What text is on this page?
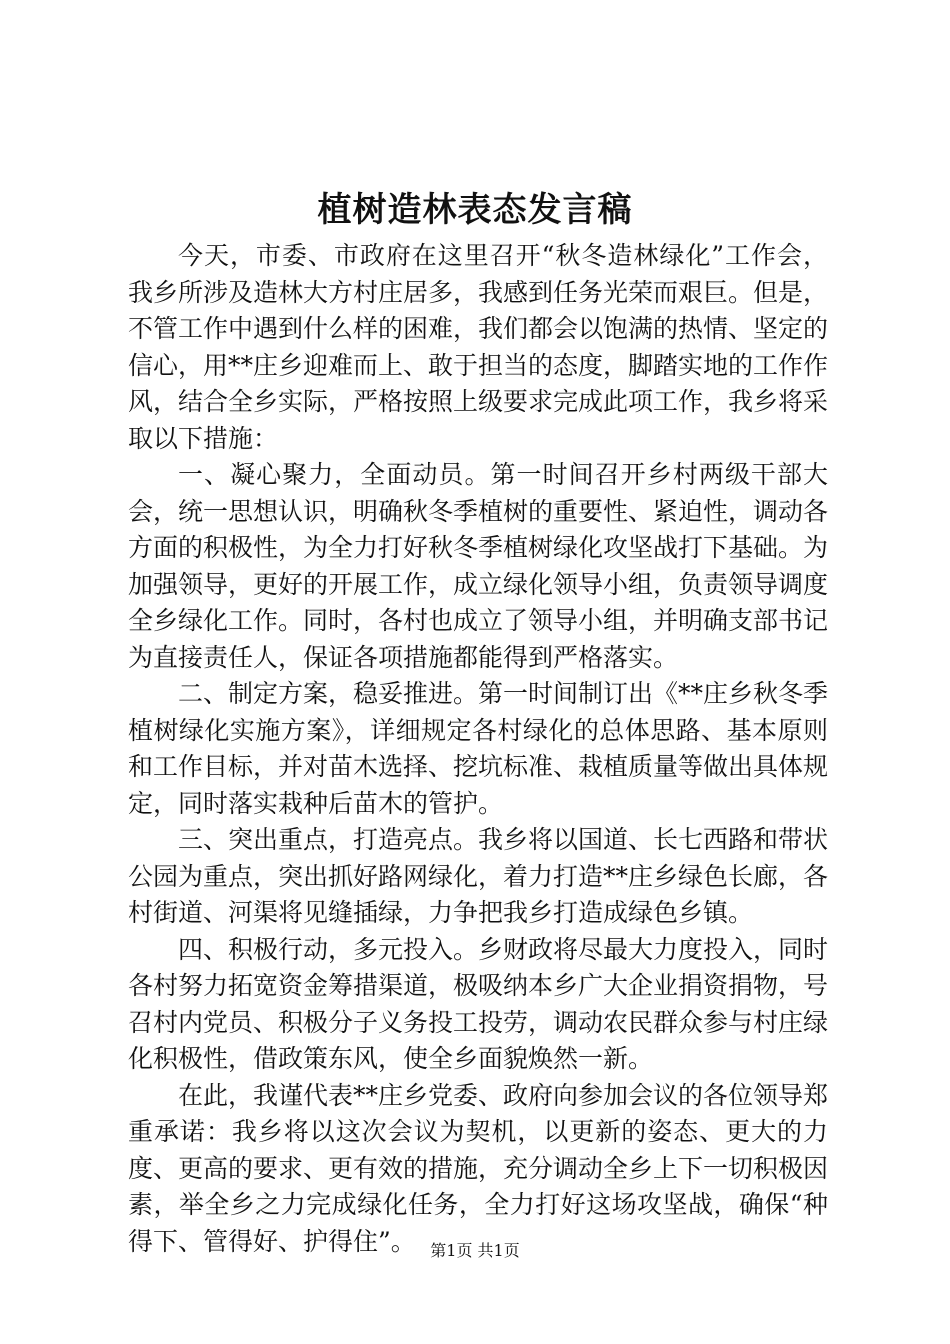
植树造林表态发言稿

今天，市委、市政府在这里召开“秋冬造林绿化”工作会，我乡所涉及造林大方村庄居多，我感到任务光荣而艰巨。但是，不管工作中遇到什么样的困难，我们都会以饱满的热情、坚定的信心，用**庄乡迎难而上、敢于担当的态度，脚踏实地的工作作风，结合全乡实际，严格按照上级要求完成此项工作，我乡将采取以下措施：

一、凝心聚力，全面动员。第一时间召开乡村两级干部大会，统一思想认识，明确秋冬季植树的重要性、紧迫性，调动各方面的积极性，为全力打好秋冬季植树绿化攻坚战打下基础。为加强领导，更好的开展工作，成立绿化领导小组，负责领导调度全乡绿化工作。同时，各村也成立了领导小组，并明确支部书记为直接责任人，保证各项措施都能得到严格落实。

二、制定方案，稳妥推进。第一时间制订出《**庄乡秋冬季植树绿化实施方案》，详细规定各村绿化的总体思路、基本原则和工作目标，并对苗木选择、挖坑标准、栽植质量等做出具体规定，同时落实栽种后苗木的管护。

三、突出重点，打造亮点。我乡将以国道、长七西路和带状公园为重点，突出抓好路网绿化，着力打造**庄乡绿色长廊，各村街道、河渠将见缝插绿，力争把我乡打造成绿色乡镇。

四、积极行动，多元投入。乡财政将尽最大力度投入，同时各村努力拓宽资金筹措渠道，极吸纳本乡广大企业捐资捐物，号召村内党员、积极分子义务投工投劳，调动农民群众参与村庄绿化积极性，借政策东风，使全乡面貌焕然一新。

在此，我谨代表**庄乡党委、政府向参加会议的各位领导郑重承诺：我乡将以这次会议为契机，以更新的姿态、更大的力度、更高的要求、更有效的措施，充分调动全乡上下一切积极因素，举全乡之力完成绿化任务，全力打好这场攻坚战，确保“种得下、管得好、护得住”。 第1页 共1页
